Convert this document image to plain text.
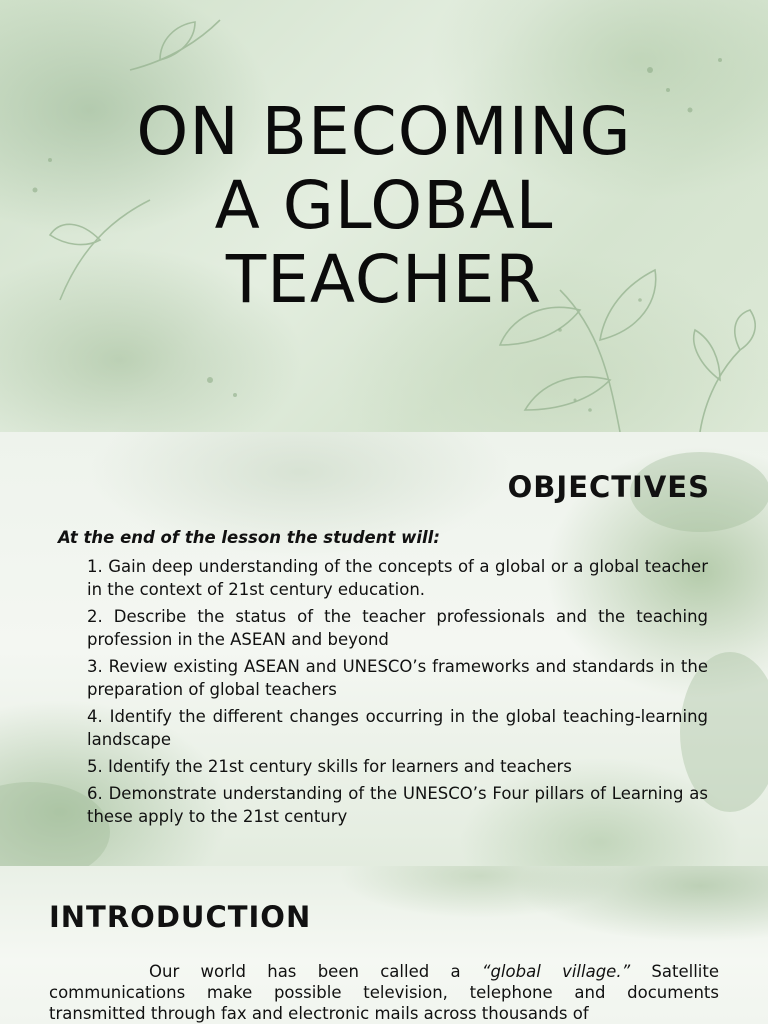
ON BECOMING
A GLOBAL
TEACHER
OBJECTIVES
At the end of the lesson the student will:
1. Gain deep understanding of the concepts of a global or a global teacher in the context of 21st century education.
2. Describe the status of the teacher professionals and the teaching profession in the ASEAN and beyond
3. Review existing ASEAN and UNESCO’s frameworks and standards in the preparation of global teachers
4. Identify the different changes occurring in the global teaching-learning landscape
5. Identify the 21st century skills for learners and teachers
6. Demonstrate understanding of the UNESCO’s Four pillars of Learning as these apply to the 21st century
INTRODUCTION
Our world has been called a “global village.” Satellite communications make possible television, telephone and documents transmitted through fax and electronic mails across thousands of
